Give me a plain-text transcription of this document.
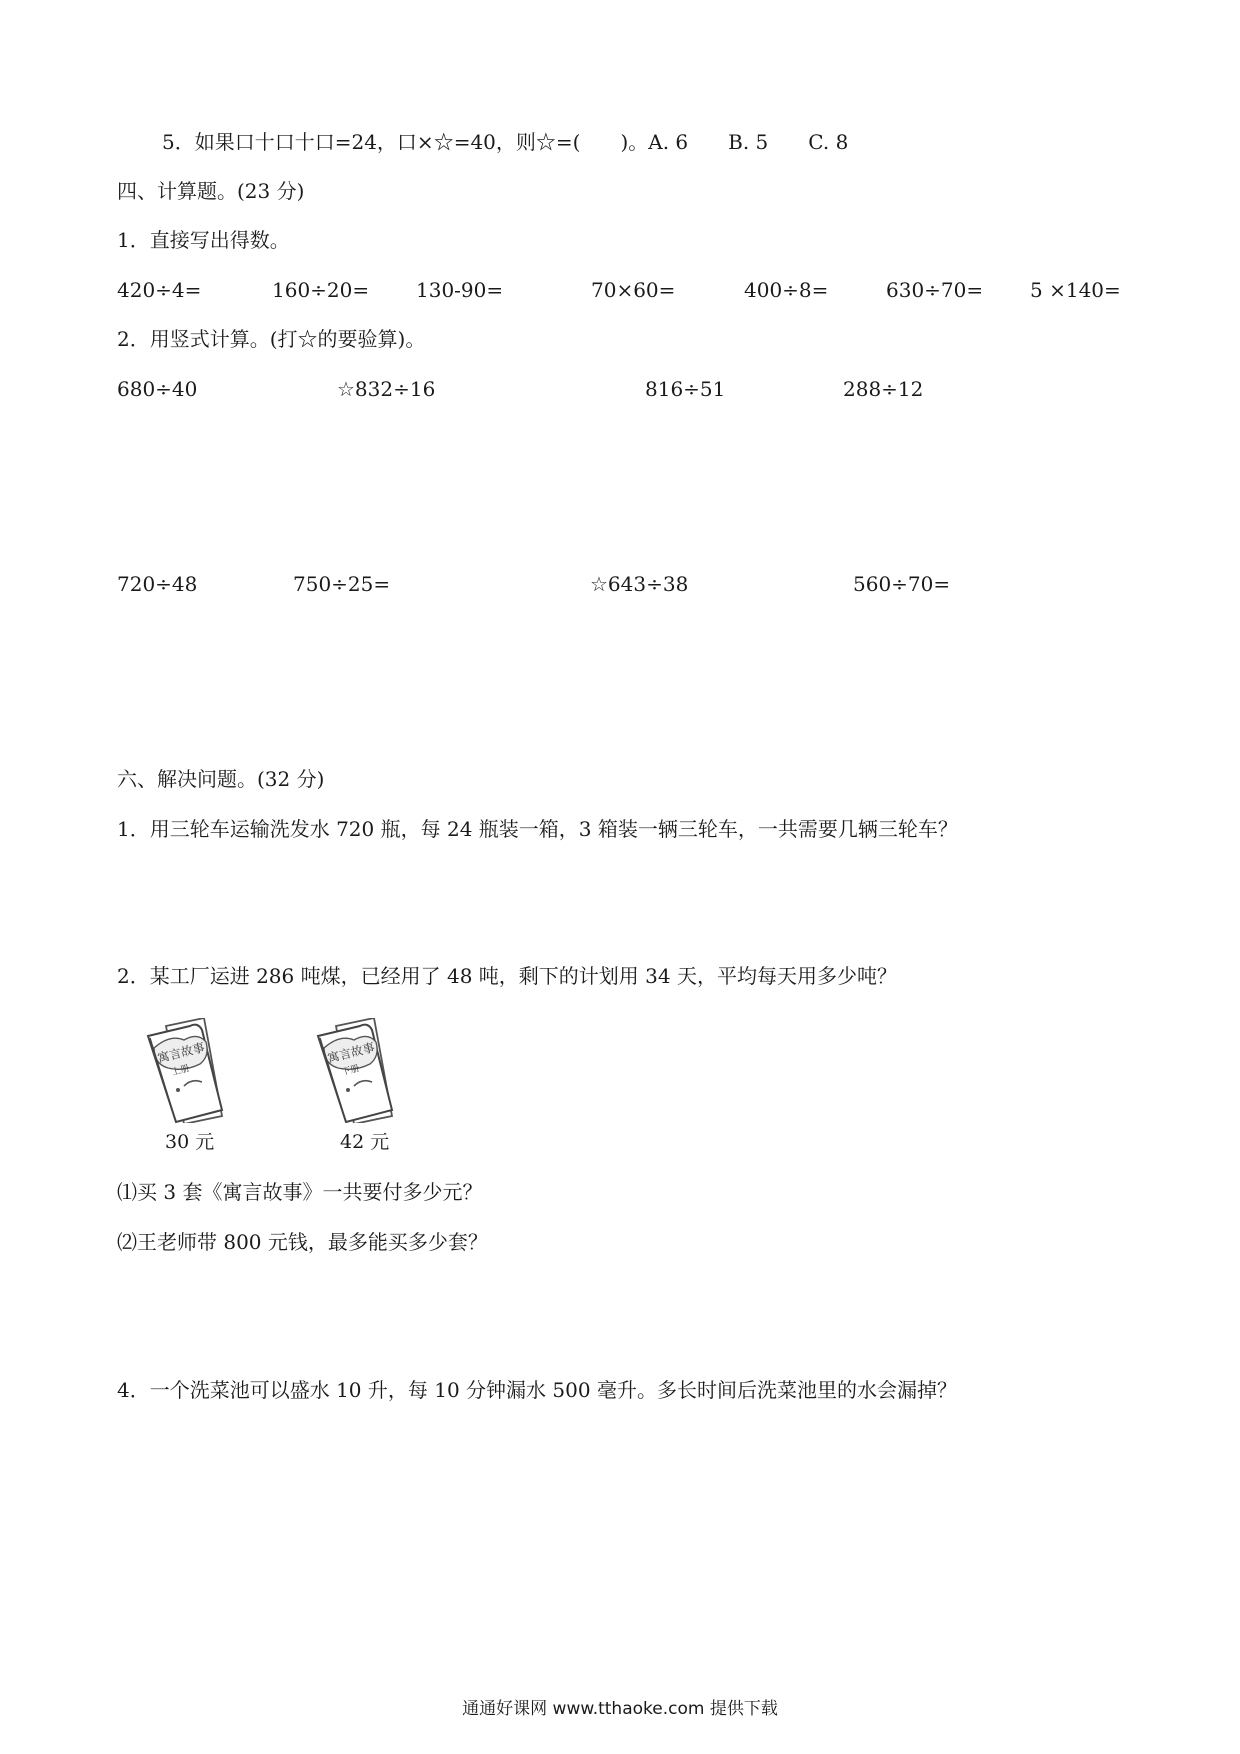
5．如果口十口十口=24，口×☆=40，则☆=(　　)。A. 6　　B. 5　　C. 8
四、计算题。(23 分)
1．直接写出得数。
420÷4=	160÷20= 130-90=	70×60=	400÷8=	630÷70= 5 ×140=
2．用竖式计算。(打☆的要验算)。
680÷40	☆832÷16	816÷51	288÷12
720÷48	750÷25=	☆643÷38	560÷70=
六、解决问题。(32 分)
1．用三轮车运输洗发水 720 瓶，每 24 瓶装一箱，3 箱装一辆三轮车，一共需要几辆三轮车？
2．某工厂运进 286 吨煤，已经用了 48 吨，剩下的计划用 34 天，平均每天用多少吨？
寓言故事
上册
30 元
寓言故事
下册
42 元
⑴买 3 套《寓言故事》一共要付多少元？
⑵王老师带 800 元钱，最多能买多少套？
4．一个洗菜池可以盛水 10 升，每 10 分钟漏水 500 毫升。多长时间后洗菜池里的水会漏掉？
通通好课网 www.tthaoke.com 提供下载
